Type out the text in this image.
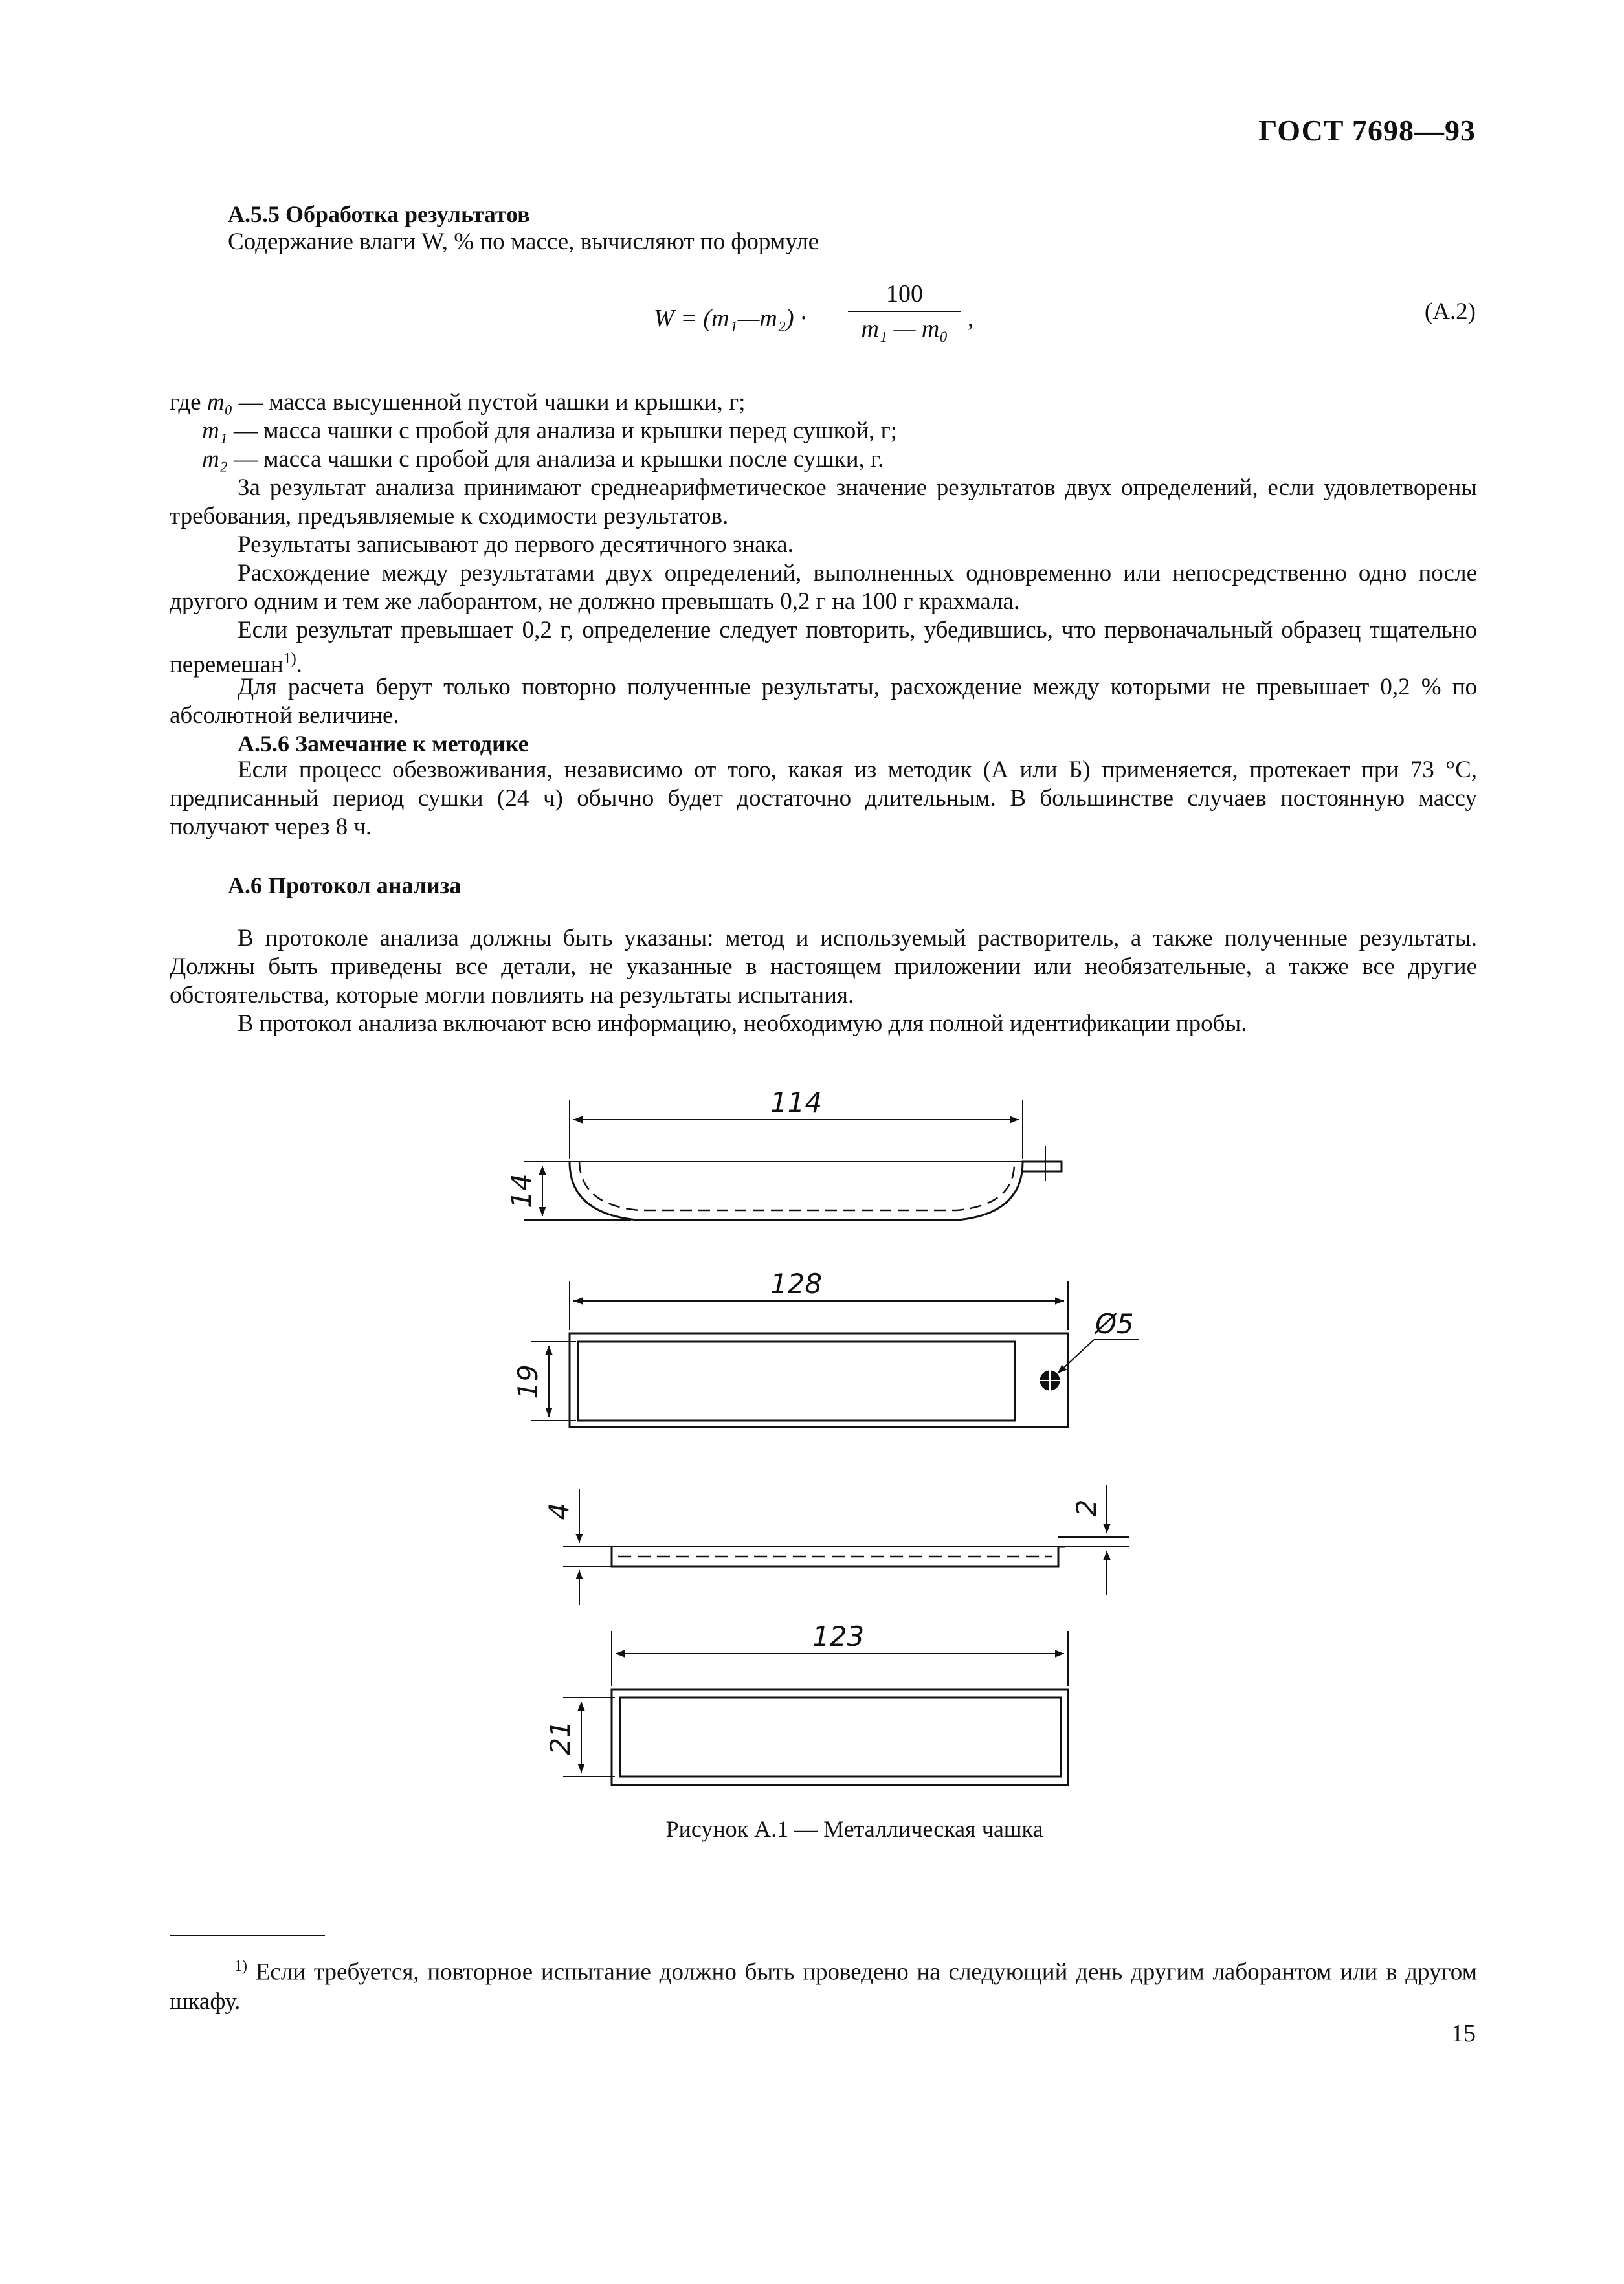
ГОСТ 7698—93
А.5.5 Обработка результатов
Содержание влаги W, % по массе, вычисляют по формуле
W = (m₁—m₂) ·
100
m₁ — m₀ ,	(А.2)
где m₀ — масса высушенной пустой чашки и крышки, г;
m₁ — масса чашки с пробой для анализа и крышки перед сушкой, г;
m₂ — масса чашки с пробой для анализа и крышки после сушки, г.
За результат анализа принимают среднеарифметическое значение результатов двух определений, если удовлетворены требования, предъявляемые к сходимости результатов.
Результаты записывают до первого десятичного знака.
Расхождение между результатами двух определений, выполненных одновременно или непосредственно одно после другого одним и тем же лаборантом, не должно превышать 0,2 г на 100 г крахмала.
Если результат превышает 0,2 г, определение следует повторить, убедившись, что первоначальный образец тщательно перемешан$^{1)}$.
Для расчета берут только повторно полученные результаты, расхождение между которыми не превышает 0,2 % по абсолютной величине.
А.5.6 Замечание к методике
Если процесс обезвоживания, независимо от того, какая из методик (А или Б) применяется, протекает при 73 °С, предписанный период сушки (24 ч) обычно будет достаточно длительным. В большинстве случаев постоянную массу получают через 8 ч.
А.6 Протокол анализа
В протоколе анализа должны быть указаны: метод и используемый растворитель, а также полученные результаты. Должны быть приведены все детали, не указанные в настоящем приложении или необязательные, а также все другие обстоятельства, которые могли повлиять на результаты испытания.
В протокол анализа включают всю информацию, необходимую для полной идентификации пробы.
114
14
128
Ø5
19
4	2
123
21
Рисунок А.1 — Металлическая чашка
$^{1)}$ Если требуется, повторное испытание должно быть проведено на следующий день другим лаборантом или в другом шкафу.
15
